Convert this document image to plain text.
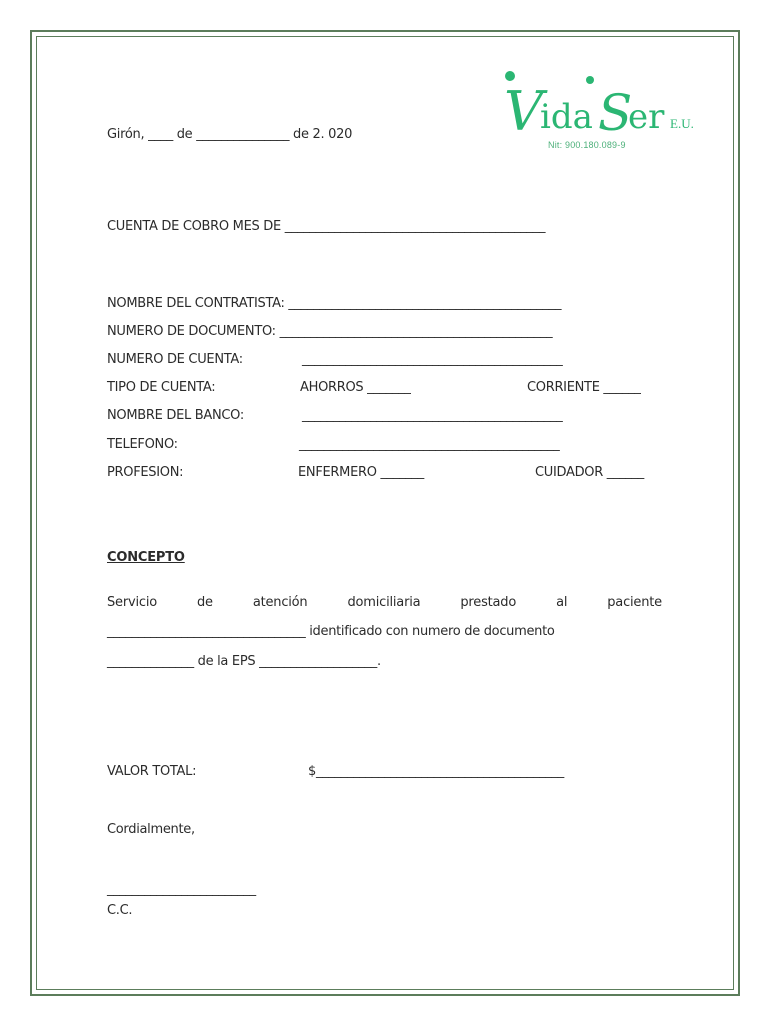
V
ida S
er E.U.
Nit: 900.180.089-9
Girón, ____ de _______________ de 2. 020
CUENTA DE COBRO MES DE __________________________________________
NOMBRE DEL CONTRATISTA: ____________________________________________
NUMERO DE DOCUMENTO: ____________________________________________
NUMERO DE CUENTA:	__________________________________________
TIPO DE CUENTA:	AHORROS _______	CORRIENTE ______
NOMBRE DEL BANCO:	__________________________________________
TELEFONO:	__________________________________________
PROFESION:	ENFERMERO _______	CUIDADOR ______
CONCEPTO
Servicio	de	atención	domiciliaria	prestado	al	paciente
________________________________ identificado con numero de documento
______________ de la EPS ___________________.
VALOR TOTAL:	$________________________________________
Cordialmente,
________________________
C.C.
